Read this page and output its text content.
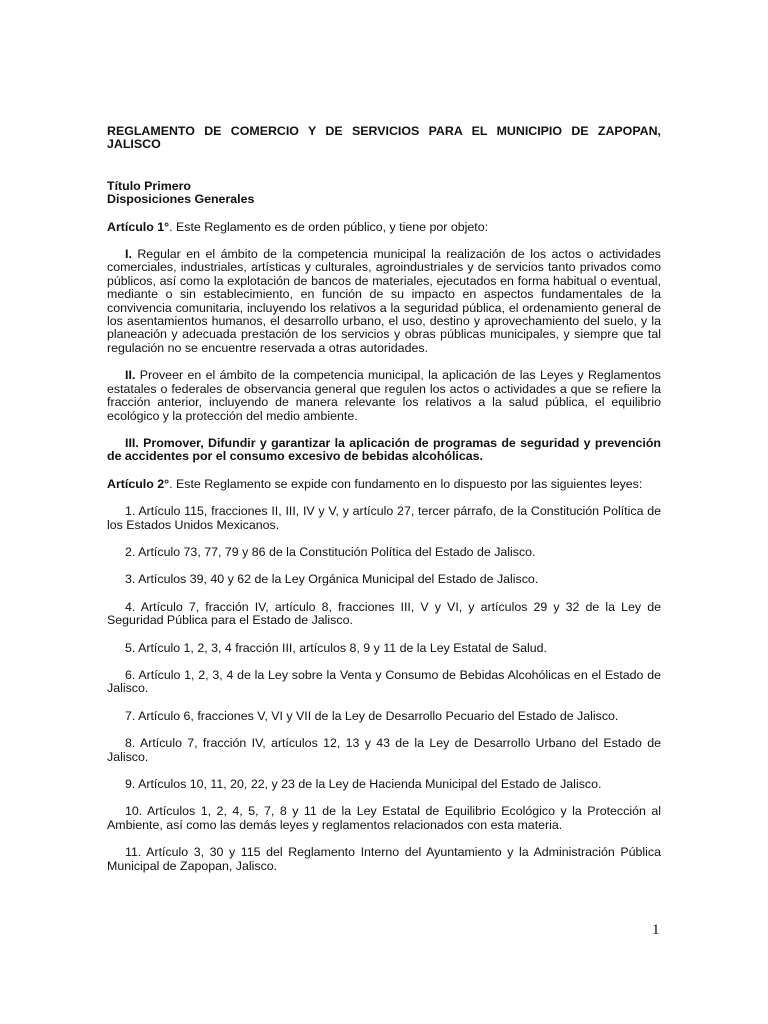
REGLAMENTO DE COMERCIO Y DE SERVICIOS PARA EL MUNICIPIO DE ZAPOPAN, JALISCO

Título Primero
Disposiciones Generales

Artículo 1°. Este Reglamento es de orden público, y tiene por objeto:

I. Regular en el ámbito de la competencia municipal la realización de los actos o actividades comerciales, industriales, artísticas y culturales, agroindustriales y de servicios tanto privados como públicos, así como la explotación de bancos de materiales, ejecutados en forma habitual o eventual, mediante o sin establecimiento, en función de su impacto en aspectos fundamentales de la convivencia comunitaria, incluyendo los relativos a la seguridad pública, el ordenamiento general de los asentamientos humanos, el desarrollo urbano, el uso, destino y aprovechamiento del suelo, y la planeación y adecuada prestación de los servicios y obras públicas municipales, y siempre que tal regulación no se encuentre reservada a otras autoridades.

II. Proveer en el ámbito de la competencia municipal, la aplicación de las Leyes y Reglamentos estatales o federales de observancia general que regulen los actos o actividades a que se refiere la fracción anterior, incluyendo de manera relevante los relativos a la salud pública, el equilibrio ecológico y la protección del medio ambiente.

III. Promover, Difundir y garantizar la aplicación de programas de seguridad y prevención de accidentes por el consumo excesivo de bebidas alcohólicas.

Artículo 2°. Este Reglamento se expide con fundamento en lo dispuesto por las siguientes leyes:

1. Artículo 115, fracciones II, III, IV y V, y artículo 27, tercer párrafo, de la Constitución Política de los Estados Unidos Mexicanos.

2. Artículo 73, 77, 79 y 86 de la Constitución Política del Estado de Jalisco.

3. Artículos 39, 40 y 62 de la Ley Orgánica Municipal del Estado de Jalisco.

4. Artículo 7, fracción IV, artículo 8, fracciones III, V y VI, y artículos 29 y 32 de la Ley de Seguridad Pública para el Estado de Jalisco.

5. Artículo 1, 2, 3, 4 fracción III, artículos 8, 9 y 11 de la Ley Estatal de Salud.

6. Artículo 1, 2, 3, 4 de la Ley sobre la Venta y Consumo de Bebidas Alcohólicas en el Estado de Jalisco.

7. Artículo 6, fracciones V, VI y VII de la Ley de Desarrollo Pecuario del Estado de Jalisco.

8. Artículo 7, fracción IV, artículos 12, 13 y 43 de la Ley de Desarrollo Urbano del Estado de Jalisco.

9. Artículos 10, 11, 20, 22, y 23 de la Ley de Hacienda Municipal del Estado de Jalisco.

10. Artículos 1, 2, 4, 5, 7, 8 y 11 de la Ley Estatal de Equilibrio Ecológico y la Protección al Ambiente, así como las demás leyes y reglamentos relacionados con esta materia.

11. Artículo 3, 30 y 115 del Reglamento Interno del Ayuntamiento y la Administración Pública Municipal de Zapopan, Jalisco.

1
